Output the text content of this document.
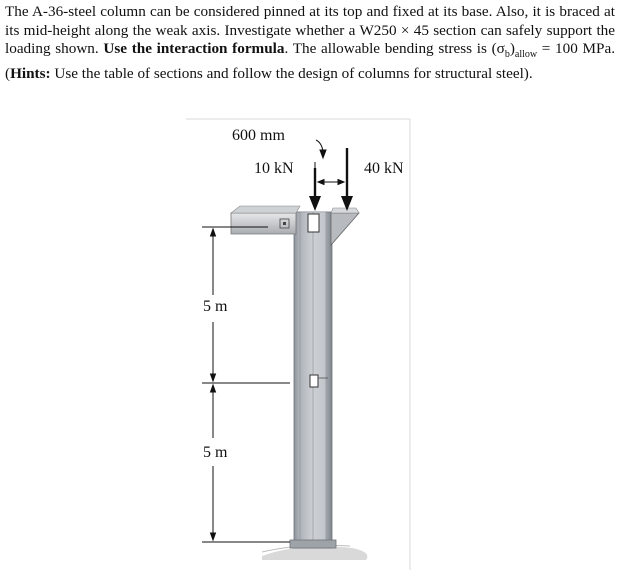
The A-36-steel column can be considered pinned at its top and fixed at its base. Also, it is braced at its mid-height along the weak axis. Investigate whether a W250 × 45 section can safely support the loading shown. Use the interaction formula. The allowable bending stress is $(\sigma_b)_{allow} = 100$ MPa. (Hints: Use the table of sections and follow the design of columns for structural steel).
600 mm
10 kN	40 kN
5 m
5 m
